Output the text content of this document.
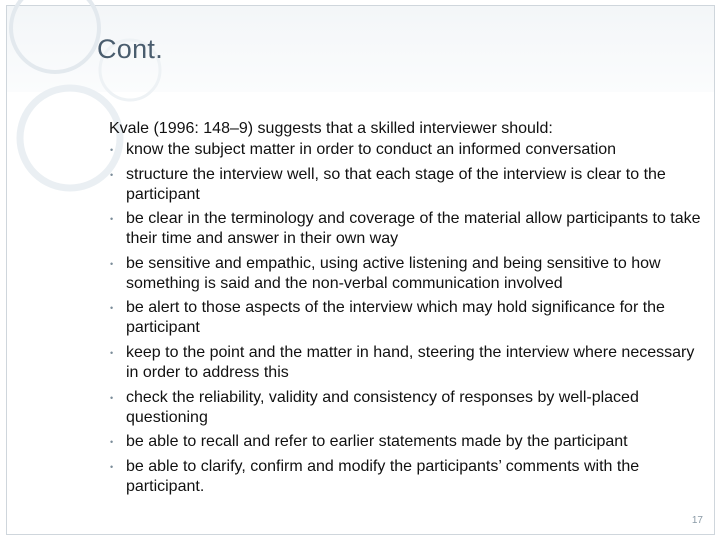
Cont.

Kvale (1996: 148–9) suggests that a skilled interviewer should:

• know the subject matter in order to conduct an informed conversation
• structure the interview well, so that each stage of the interview is clear to the participant
• be clear in the terminology and coverage of the material allow participants to take their time and answer in their own way
• be sensitive and empathic, using active listening and being sensitive to how something is said and the non-verbal communication involved
• be alert to those aspects of the interview which may hold significance for the participant
• keep to the point and the matter in hand, steering the interview where necessary in order to address this
• check the reliability, validity and consistency of responses by well-placed questioning
• be able to recall and refer to earlier statements made by the participant
• be able to clarify, confirm and modify the participants’ comments with the participant.
17
